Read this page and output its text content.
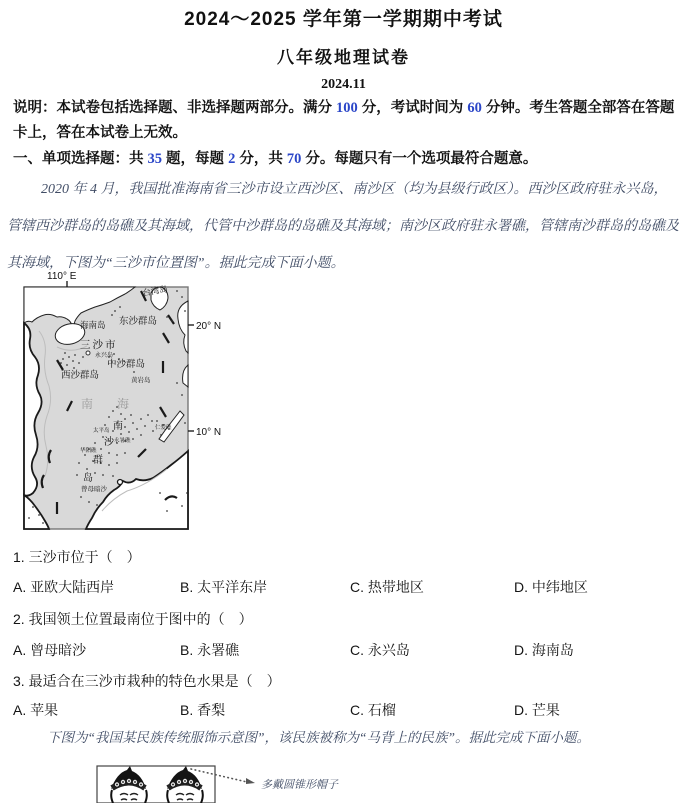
2024～2025 学年第一学期期中考试
八年级地理试卷
2024.11
说明：本试卷包括选择题、非选择题两部分。满分 100 分，考试时间为 60 分钟。考生答题全部答在答题卡上，答在本试卷上无效。
一、单项选择题：共 35 题，每题 2 分，共 70 分。每题只有一个选项最符合题意。
2020 年 4 月，我国批准海南省三沙市设立西沙区、南沙区（均为县级行政区）。西沙区政府驻永兴岛，管辖西沙群岛的岛礁及其海域，代管中沙群岛的岛礁及其海域；南沙区政府驻永署礁，管辖南沙群岛的岛礁及其海域，下图为“三沙市位置图”。据此完成下面小题。
110° E
20° N
10° N
台湾岛
东沙群岛
海南岛
三沙市
永兴岛
中沙群岛
西沙群岛	黄岩岛
南　海
太平岛	仁爱礁
南
沙 永暑礁
华阳礁
群
岛
曾母暗沙
1. 三沙市位于（　）
A. 亚欧大陆西岸	B. 太平洋东岸	C. 热带地区	D. 中纬地区
2. 我国领土位置最南位于图中的（　）
A. 曾母暗沙	B. 永署礁	C. 永兴岛	D. 海南岛
3. 最适合在三沙市栽种的特色水果是（　）
A. 苹果	B. 香梨	C. 石榴	D. 芒果
下图为“我国某民族传统服饰示意图”，该民族被称为“马背上的民族”。据此完成下面小题。
多戴圆锥形帽子
